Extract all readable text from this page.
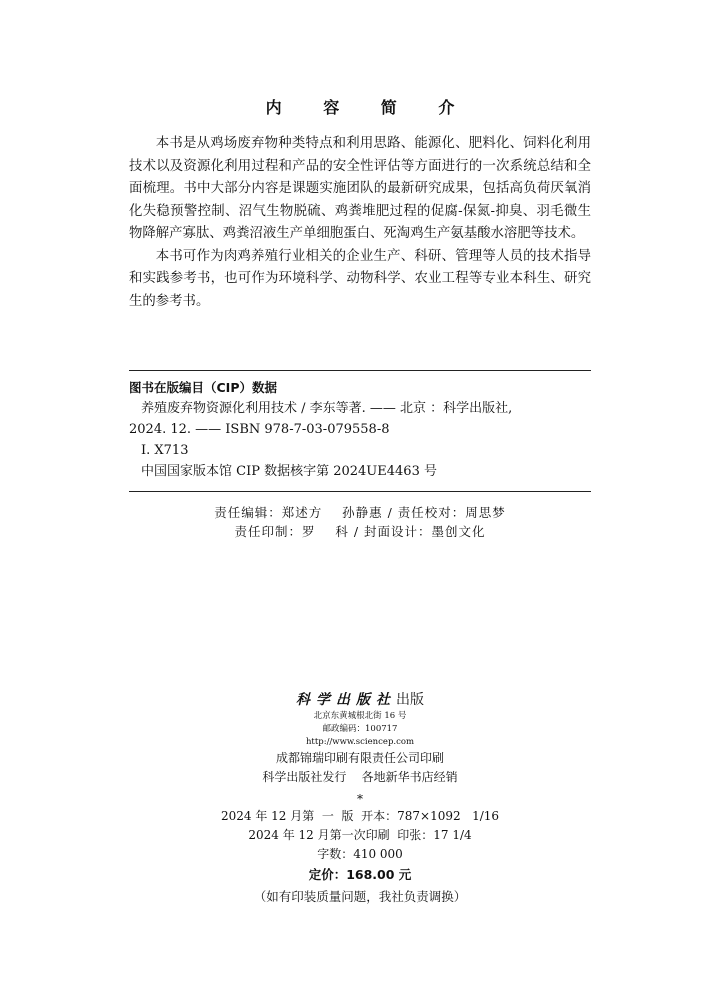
内 容 简 介

本书是从鸡场废弃物种类特点和利用思路、能源化、肥料化、饲料化利用技术以及资源化利用过程和产品的安全性评估等方面进行的一次系统总结和全面梳理。书中大部分内容是课题实施团队的最新研究成果，包括高负荷厌氧消化失稳预警控制、沼气生物脱硫、鸡粪堆肥过程的促腐-保氮-抑臭、羽毛微生物降解产寡肽、鸡粪沼液生产单细胞蛋白、死淘鸡生产氨基酸水溶肥等技术。

本书可作为肉鸡养殖行业相关的企业生产、科研、管理等人员的技术指导和实践参考书，也可作为环境科学、动物科学、农业工程等专业本科生、研究生的参考书。

图书在版编目（CIP）数据
养殖废弃物资源化利用技术 / 李东等著. —— 北京 ：科学出版社,
2024. 12. —— ISBN 978-7-03-079558-8
Ⅰ. X713
中国国家版本馆 CIP 数据核字第 2024UE4463 号
责任编辑：郑述方    孙静惠 / 责任校对：周思梦
责任印制：罗    科 / 封面设计：墨创文化
科学出版社出版
北京东黄城根北街 16 号
邮政编码：100717
http://www.sciencep.com
成都锦瑞印刷有限责任公司印刷
科学出版社发行    各地新华书店经销
*
2024 年 12 月第  一  版  开本：787×1092   1/16
2024 年 12 月第一次印刷  印张：17 1/4
字数：410 000
定价：168.00 元
（如有印装质量问题，我社负责调换）
